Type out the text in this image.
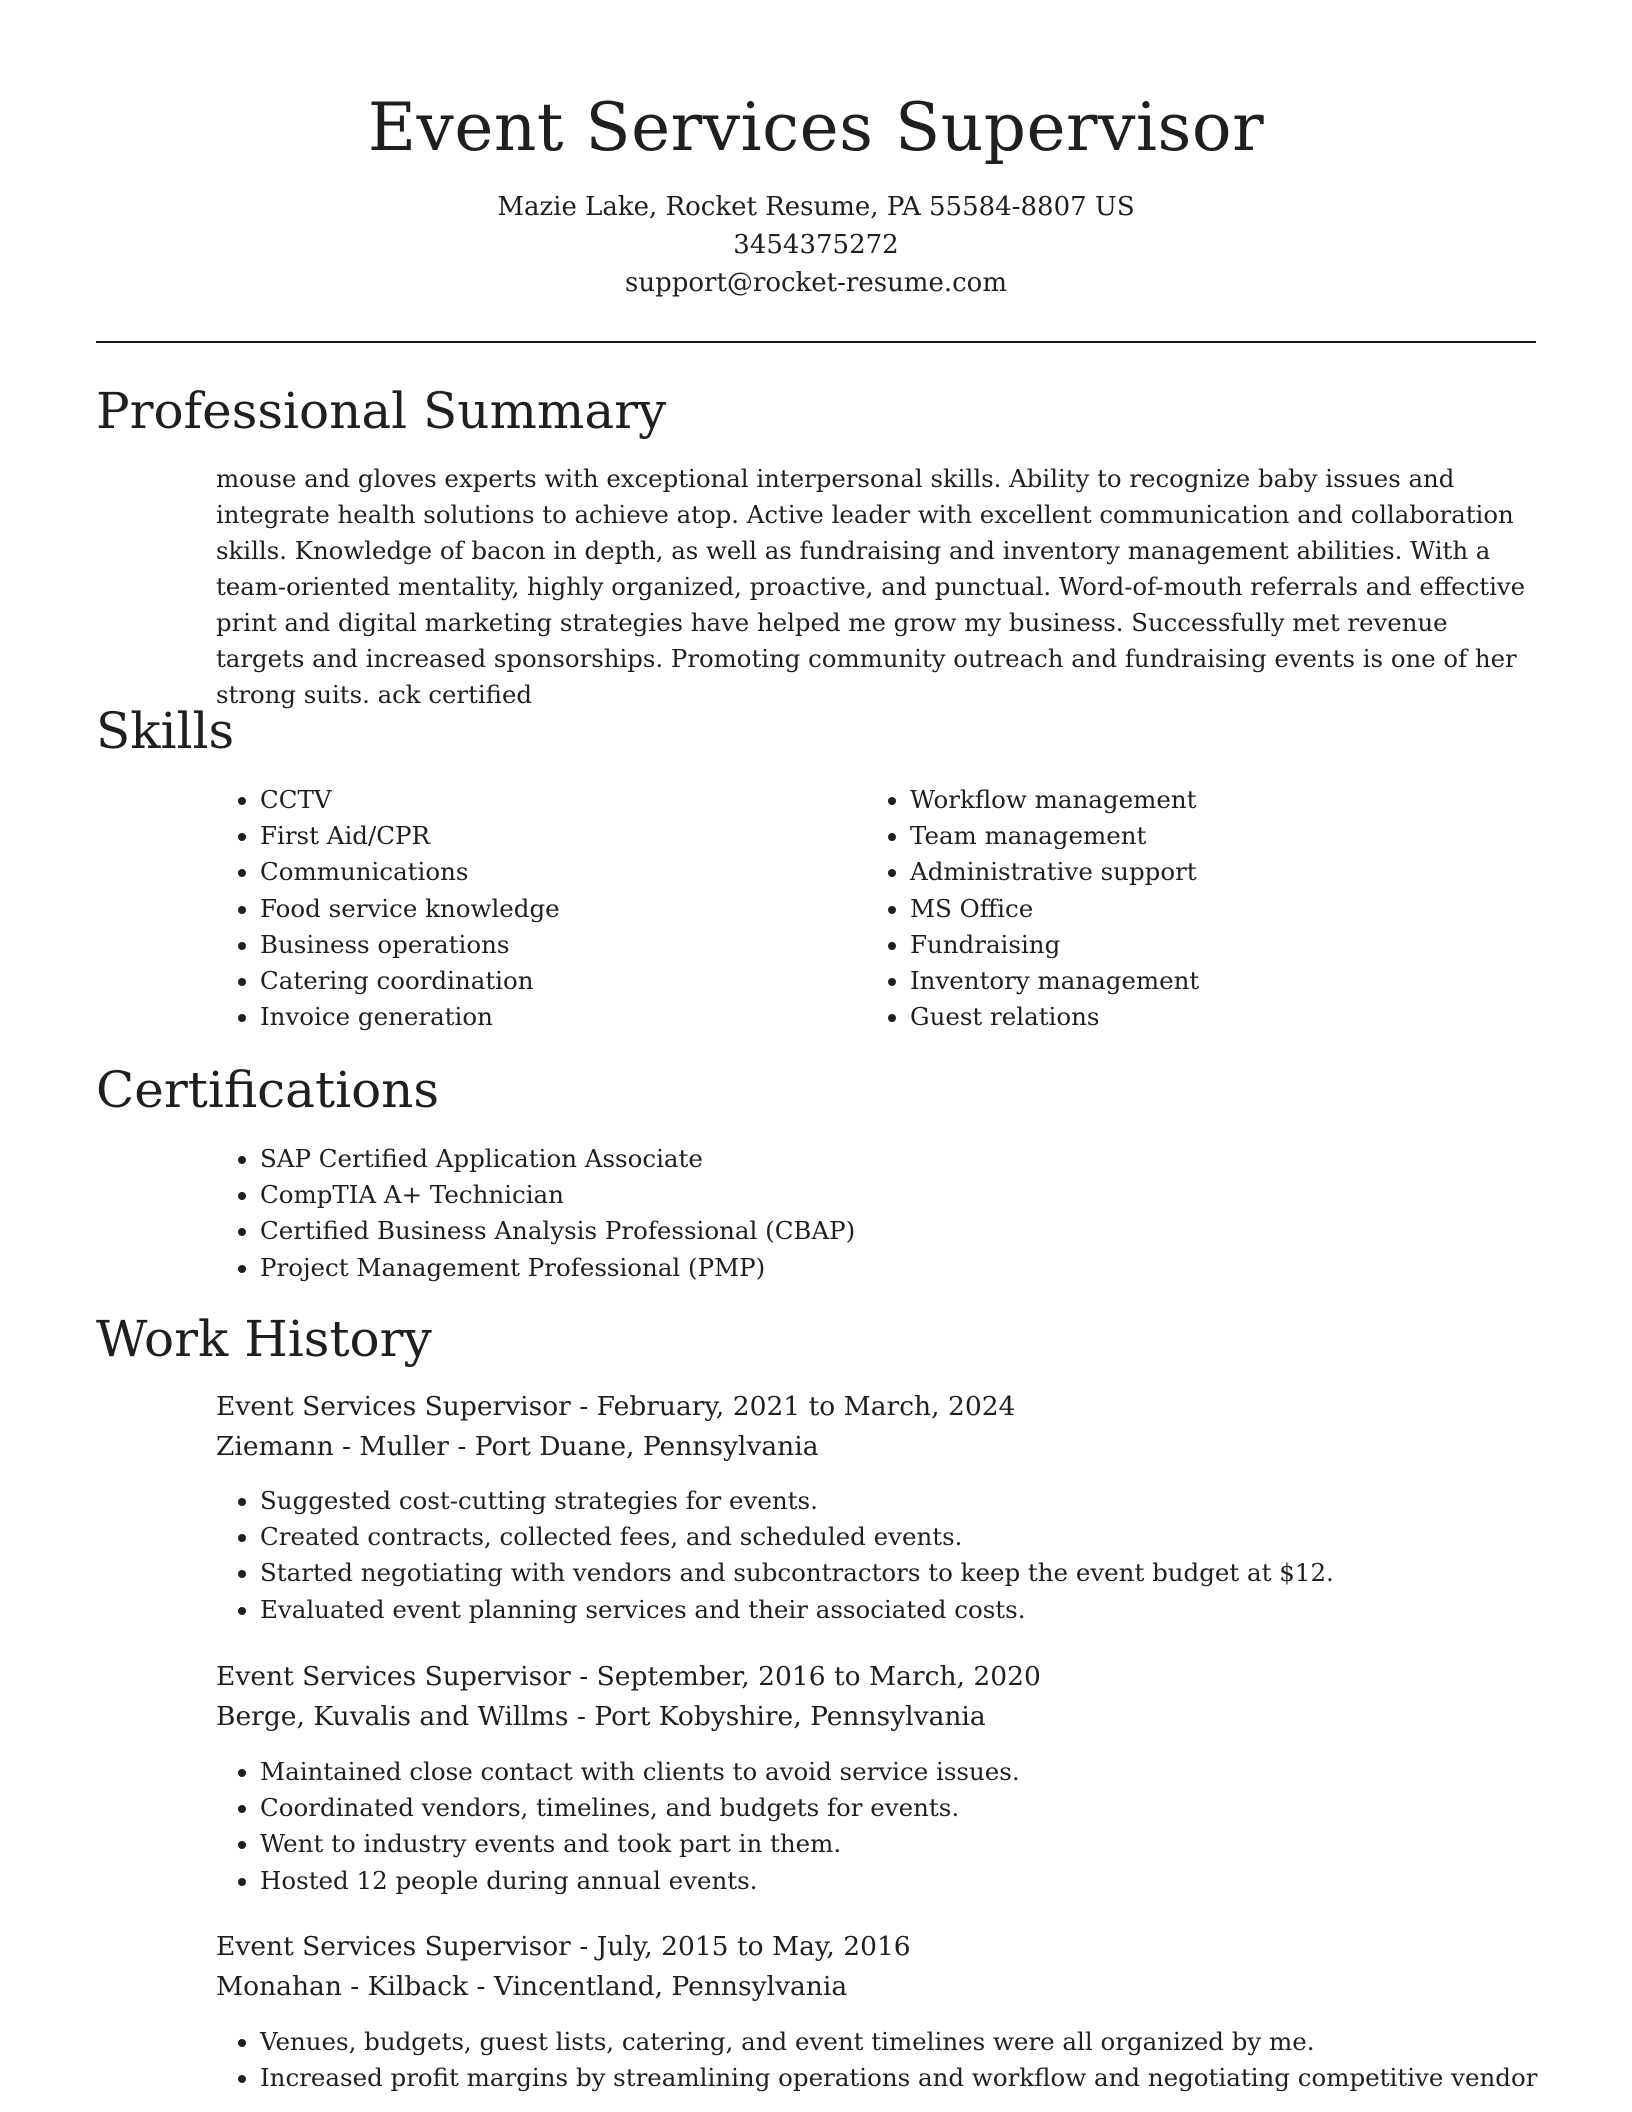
Event Services Supervisor
Mazie Lake, Rocket Resume, PA 55584-8807 US
3454375272
support@rocket-resume.com
Professional Summary

mouse and gloves experts with exceptional interpersonal skills. Ability to recognize baby issues and integrate health solutions to achieve atop. Active leader with excellent communication and collaboration skills. Knowledge of bacon in depth, as well as fundraising and inventory management abilities. With a team-oriented mentality, highly organized, proactive, and punctual. Word-of-mouth referrals and effective print and digital marketing strategies have helped me grow my business. Successfully met revenue targets and increased sponsorships. Promoting community outreach and fundraising events is one of her strong suits. ack certified

Skills
• CCTV
• First Aid/CPR
• Communications
• Food service knowledge
• Business operations
• Catering coordination
• Invoice generation
• Workflow management
• Team management
• Administrative support
• MS Office
• Fundraising
• Inventory management
• Guest relations
Certifications
• SAP Certified Application Associate
• CompTIA A+ Technician
• Certified Business Analysis Professional (CBAP)
• Project Management Professional (PMP)
Work History
Event Services Supervisor - February, 2021 to March, 2024
Ziemann - Muller - Port Duane, Pennsylvania
• Suggested cost-cutting strategies for events.
• Created contracts, collected fees, and scheduled events.
• Started negotiating with vendors and subcontractors to keep the event budget at $12.
• Evaluated event planning services and their associated costs.
Event Services Supervisor - September, 2016 to March, 2020
Berge, Kuvalis and Willms - Port Kobyshire, Pennsylvania
• Maintained close contact with clients to avoid service issues.
• Coordinated vendors, timelines, and budgets for events.
• Went to industry events and took part in them.
• Hosted 12 people during annual events.
Event Services Supervisor - July, 2015 to May, 2016
Monahan - Kilback - Vincentland, Pennsylvania
• Venues, budgets, guest lists, catering, and event timelines were all organized by me.
• Increased profit margins by streamlining operations and workflow and negotiating competitive vendor
